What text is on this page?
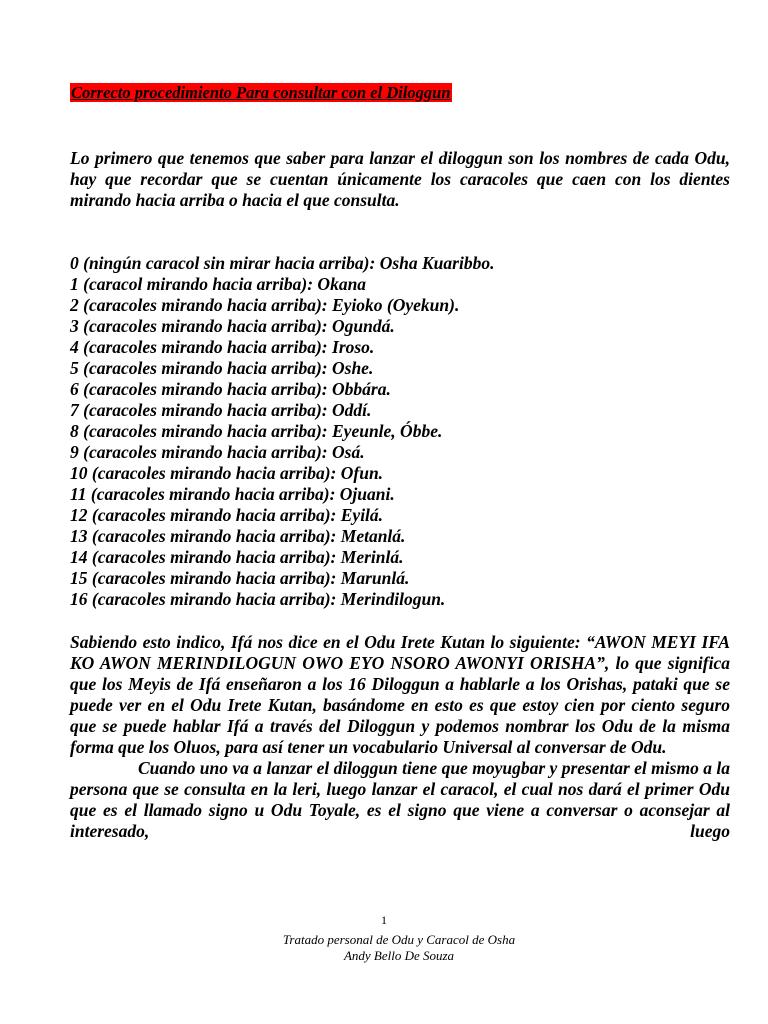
Correcto procedimiento Para consultar con el Diloggun
Lo primero que tenemos que saber para lanzar el diloggun son los nombres de cada Odu, hay que recordar que se cuentan únicamente los caracoles que caen con los dientes mirando hacia arriba o hacia el que consulta.
0 (ningún caracol sin mirar hacia arriba): Osha Kuaribbo.
1 (caracol mirando hacia arriba): Okana
2 (caracoles mirando hacia arriba): Eyioko (Oyekun).
3 (caracoles mirando hacia arriba): Ogundá.
4 (caracoles mirando hacia arriba): Iroso.
5 (caracoles mirando hacia arriba): Oshe.
6 (caracoles mirando hacia arriba): Obbára.
7 (caracoles mirando hacia arriba): Oddí.
8 (caracoles mirando hacia arriba): Eyeunle, Óbbe.
9 (caracoles mirando hacia arriba): Osá.
10 (caracoles mirando hacia arriba): Ofun.
11 (caracoles mirando hacia arriba): Ojuani.
12 (caracoles mirando hacia arriba): Eyilá.
13 (caracoles mirando hacia arriba): Metanlá.
14 (caracoles mirando hacia arriba): Merinlá.
15 (caracoles mirando hacia arriba): Marunlá.
16 (caracoles mirando hacia arriba): Merindilogun.

Sabiendo esto indico, Ifá nos dice en el Odu Irete Kutan lo siguiente: “AWON MEYI IFA KO AWON MERINDILOGUN OWO EYO NSORO AWONYI ORISHA”, lo que significa que los Meyis de Ifá enseñaron a los 16 Diloggun a hablarle a los Orishas, pataki que se puede ver en el Odu Irete Kutan, basándome en esto es que estoy cien por ciento seguro que se puede hablar Ifá a través del Diloggun y podemos nombrar los Odu de la misma forma que los Oluos, para así tener un vocabulario Universal al conversar de Odu.

Cuando uno va a lanzar el diloggun tiene que moyugbar y presentar el mismo a la persona que se consulta en la leri, luego lanzar el caracol, el cual nos dará el primer Odu que es el llamado signo u Odu Toyale, es el signo que viene a conversar o aconsejar al interesado, luego

1
Tratado personal de Odu y Caracol de Osha
Andy Bello De Souza
